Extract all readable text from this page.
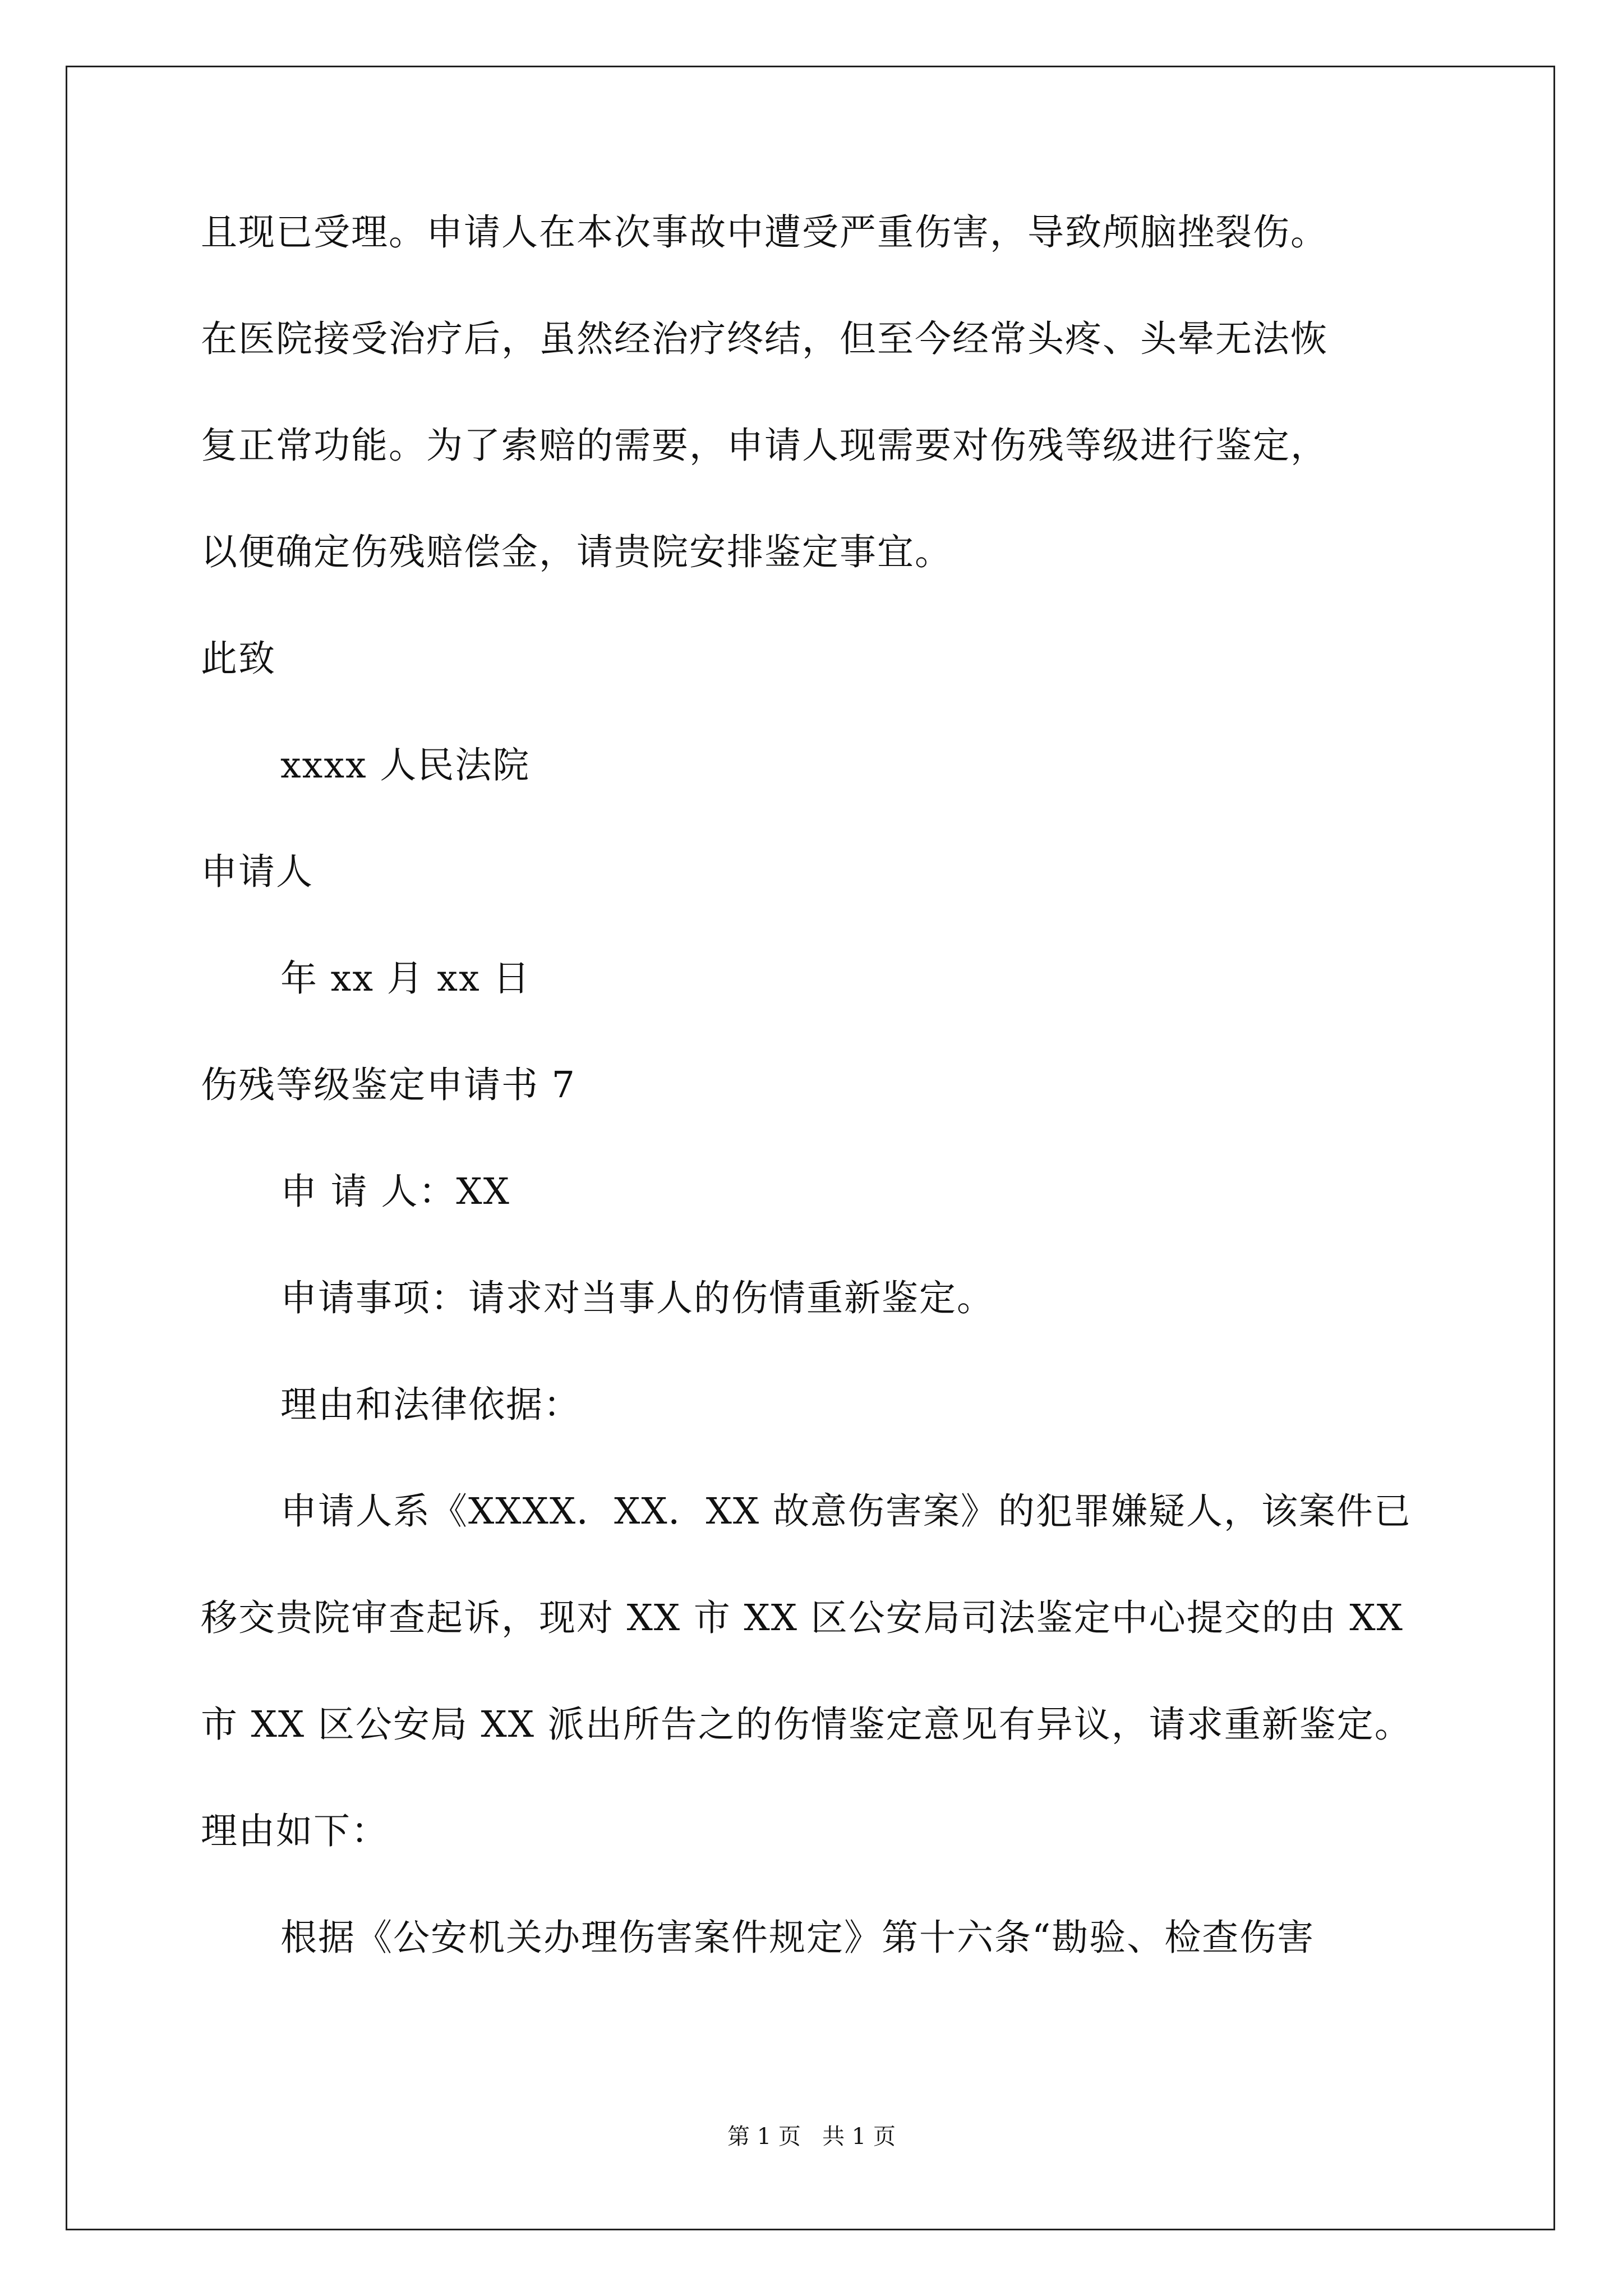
且现已受理。申请人在本次事故中遭受严重伤害，导致颅脑挫裂伤。
在医院接受治疗后，虽然经治疗终结，但至今经常头疼、头晕无法恢
复正常功能。为了索赔的需要，申请人现需要对伤残等级进行鉴定，
以便确定伤残赔偿金，请贵院安排鉴定事宜。
此致
xxxx 人民法院
申请人
年 xx 月 xx 日
伤残等级鉴定申请书 7
申 请 人：XX
申请事项：请求对当事人的伤情重新鉴定。
理由和法律依据：
申请人系《XXXX．XX．XX 故意伤害案》的犯罪嫌疑人，该案件已
移交贵院审查起诉，现对 XX 市 XX 区公安局司法鉴定中心提交的由 XX
市 XX 区公安局 XX 派出所告之的伤情鉴定意见有异议，请求重新鉴定。
理由如下：
根据《公安机关办理伤害案件规定》第十六条“勘验、检查伤害
第 1 页   共 1 页
